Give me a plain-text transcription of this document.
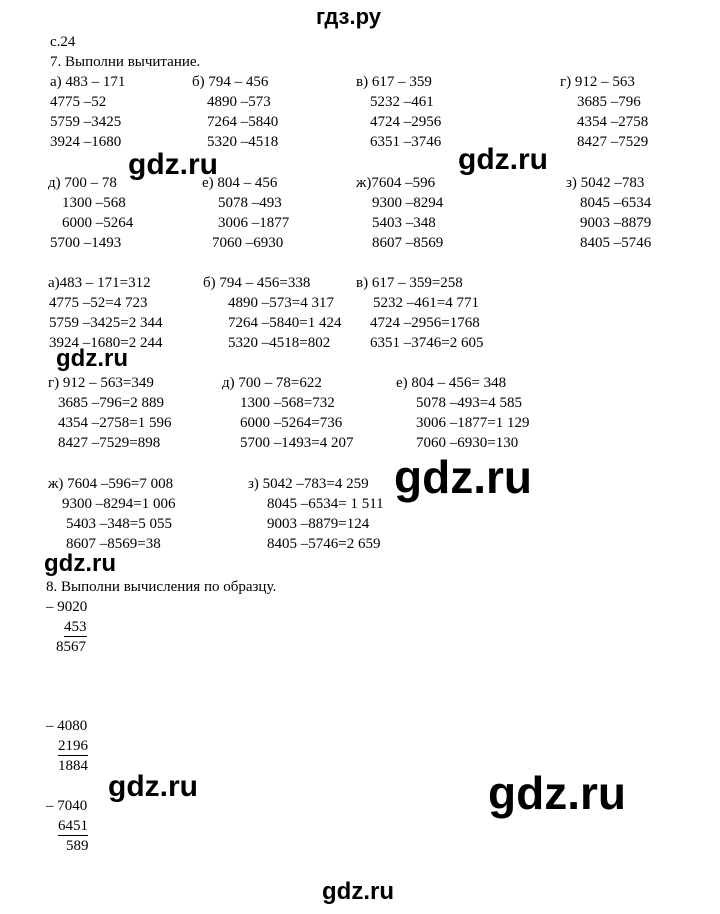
гдз.ру
с.24
7. Выполни вычитание.
а) 483 – 171
4775 –52
5759 –3425
3924 –1680
б) 794 – 456
4890 –573
7264 –5840
5320 –4518
в) 617 – 359
5232 –461
4724 –2956
6351 –3746
г) 912 – 563
3685 –796
4354 –2758
8427 –7529
д) 700 – 78
1300 –568
6000 –5264
5700 –1493
е) 804 – 456
5078 –493
3006 –1877
7060 –6930
ж)7604 –596
9300 –8294
5403 –348
8607 –8569
з) 5042 –783
8045 –6534
9003 –8879
8405 –5746
а)483 – 171=312
4775 –52=4 723
5759 –3425=2 344
3924 –1680=2 244
б) 794 – 456=338
4890 –573=4 317
7264 –5840=1 424
5320 –4518=802
в) 617 – 359=258
5232 –461=4 771
4724 –2956=1768
6351 –3746=2 605
г) 912 – 563=349
3685 –796=2 889
4354 –2758=1 596
8427 –7529=898
д) 700 – 78=622
1300 –568=732
6000 –5264=736
5700 –1493=4 207
е) 804 – 456= 348
5078 –493=4 585
3006 –1877=1 129
7060 –6930=130
ж) 7604 –596=7 008
9300 –8294=1 006
5403 –348=5 055
8607 –8569=38
з) 5042 –783=4 259
8045 –6534= 1 511
9003 –8879=124
8405 –5746=2 659
8. Выполни вычисления по образцу.
– 9020
453
8567
– 4080
2196
1884
– 7040
6451
589
gdz.ru	gdz.ru
gdz.ru
gdz.ru
gdz.ru
gdz.ru	gdz.ru
gdz.ru
